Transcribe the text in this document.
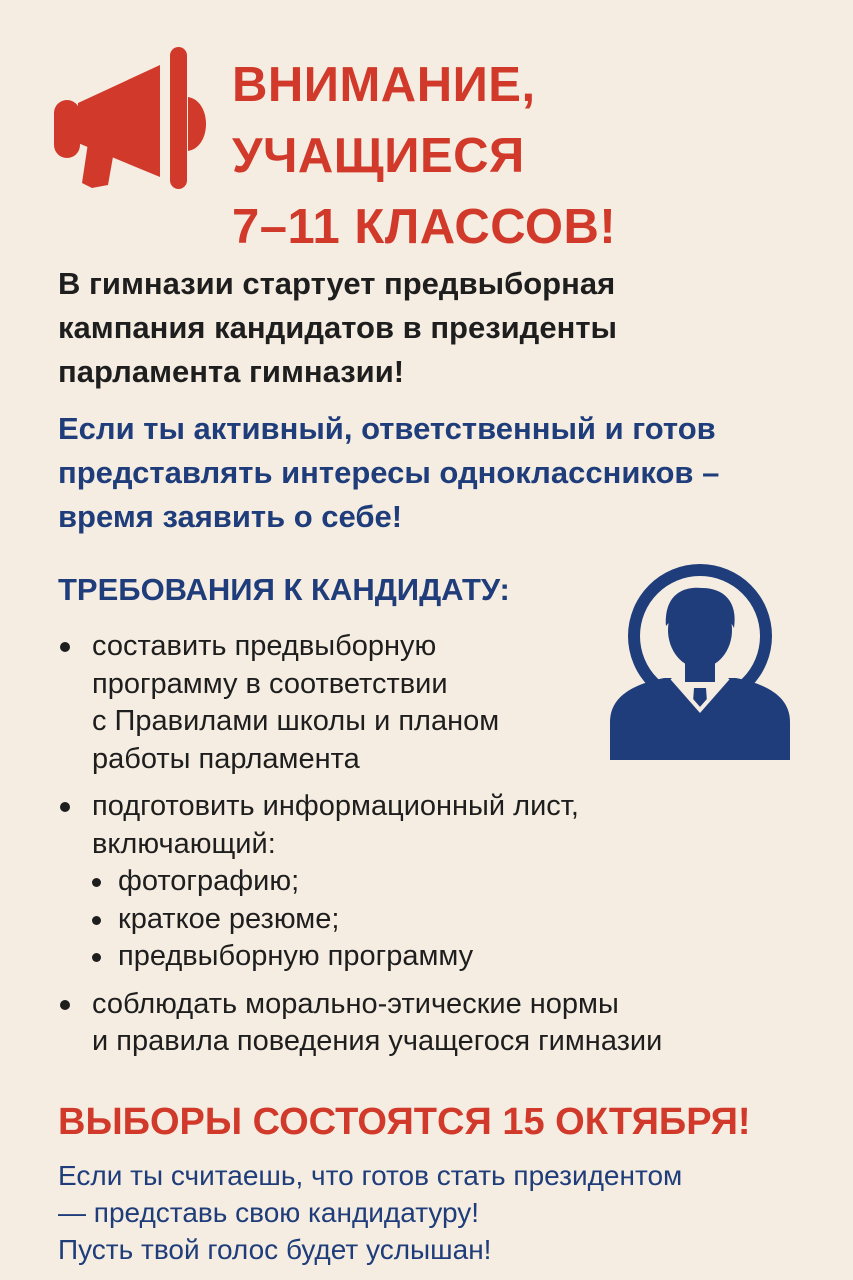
ВНИМАНИЕ,
УЧАЩИЕСЯ
7–11 КЛАССОВ!

В гимназии стартует предвыборная
кампания кандидатов в президенты
парламента гимназии!

Если ты активный, ответственный и готов
представлять интересы одноклассников –
время заявить о себе!

ТРЕБОВАНИЯ К КАНДИДАТУ:
составить предвыборную
программу в соответствии
с Правилами школы и планом
работы парламента
подготовить информационный лист,
включающий:
фотографию;
краткое резюме;
предвыборную программу
соблюдать морально-этические нормы
и правила поведения учащегося гимназии
ВЫБОРЫ СОСТОЯТСЯ 15 ОКТЯБРЯ!

Если ты считаешь, что готов стать президентом
— представь свою кандидатуру!
Пусть твой голос будет услышан!
